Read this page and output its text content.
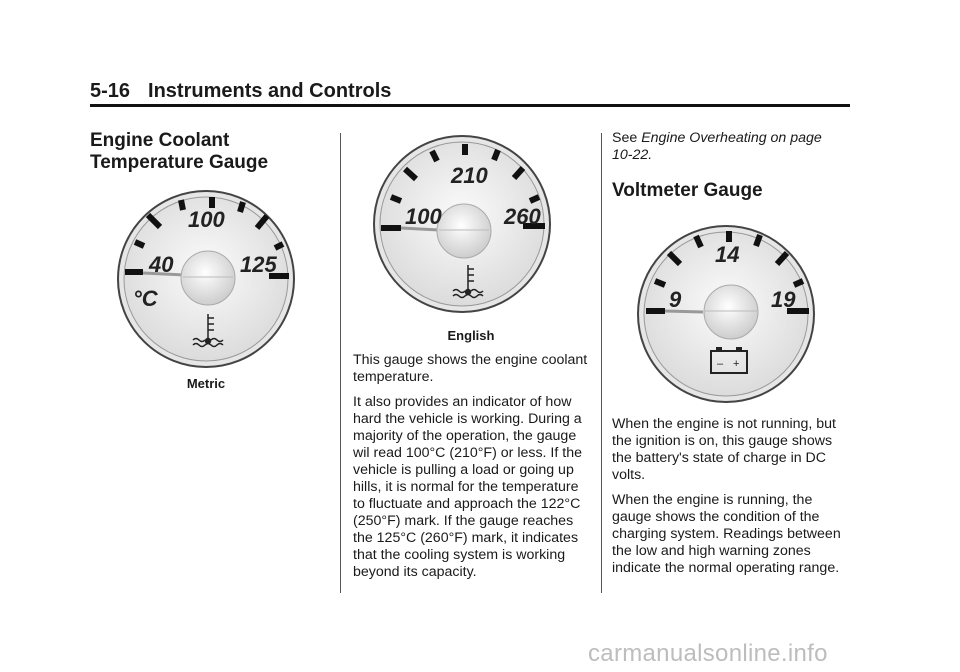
5-16 Instruments and Controls
Engine Coolant
Temperature Gauge
100
40	125
°C
Metric
210
100	260
English

This gauge shows the engine coolant temperature.

It also provides an indicator of how hard the vehicle is working. During a majority of the operation, the gauge wil read 100°C (210°F) or less. If the vehicle is pulling a load or going up hills, it is normal for the temperature to fluctuate and approach the 122°C (250°F) mark. If the gauge reaches the 125°C (260°F) mark, it indicates that the cooling system is working beyond its capacity.

See Engine Overheating on page 10-22.

Voltmeter Gauge
14
9	19
– +

When the engine is not running, but the ignition is on, this gauge shows the battery's state of charge in DC volts.

When the engine is running, the gauge shows the condition of the charging system. Readings between the low and high warning zones indicate the normal operating range.

carmanualsonline.info
